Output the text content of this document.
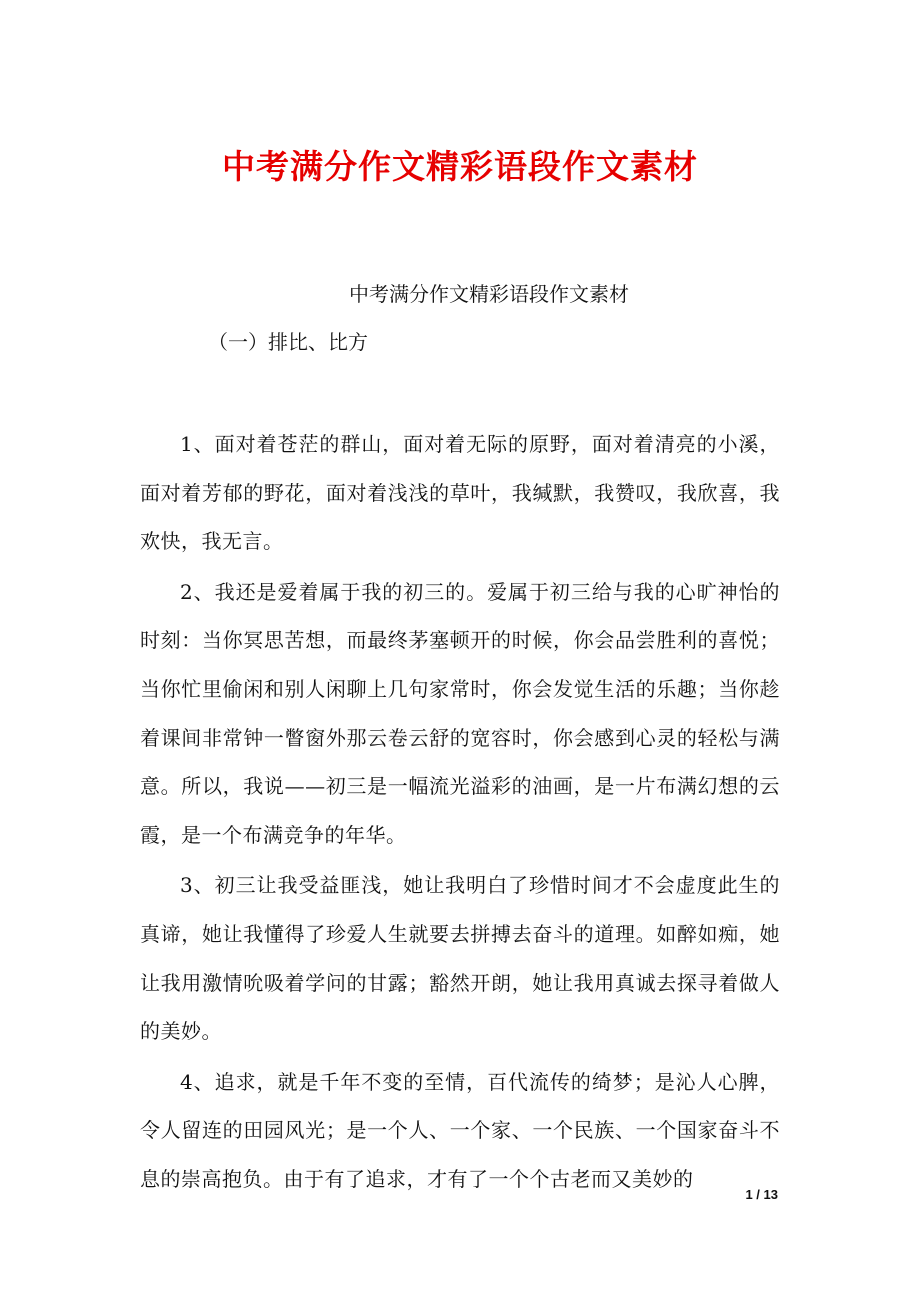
中考满分作文精彩语段作文素材
中考满分作文精彩语段作文素材
（一）排比、比方

1、面对着苍茫的群山，面对着无际的原野，面对着清亮的小溪，面对着芳郁的野花，面对着浅浅的草叶，我缄默，我赞叹，我欣喜，我欢快，我无言。

2、我还是爱着属于我的初三的。爱属于初三给与我的心旷神怡的时刻：当你冥思苦想，而最终茅塞顿开的时候，你会品尝胜利的喜悦；当你忙里偷闲和别人闲聊上几句家常时，你会发觉生活的乐趣；当你趁着课间非常钟一瞥窗外那云卷云舒的宽容时，你会感到心灵的轻松与满意。所以，我说——初三是一幅流光溢彩的油画，是一片布满幻想的云霞，是一个布满竞争的年华。

3、初三让我受益匪浅，她让我明白了珍惜时间才不会虚度此生的真谛，她让我懂得了珍爱人生就要去拼搏去奋斗的道理。如醉如痴，她让我用激情吮吸着学问的甘露；豁然开朗，她让我用真诚去探寻着做人的美妙。

4、追求，就是千年不变的至情，百代流传的绮梦；是沁人心脾，令人留连的田园风光；是一个人、一个家、一个民族、一个国家奋斗不息的崇高抱负。由于有了追求，才有了一个个古老而又美妙的

1 / 13
